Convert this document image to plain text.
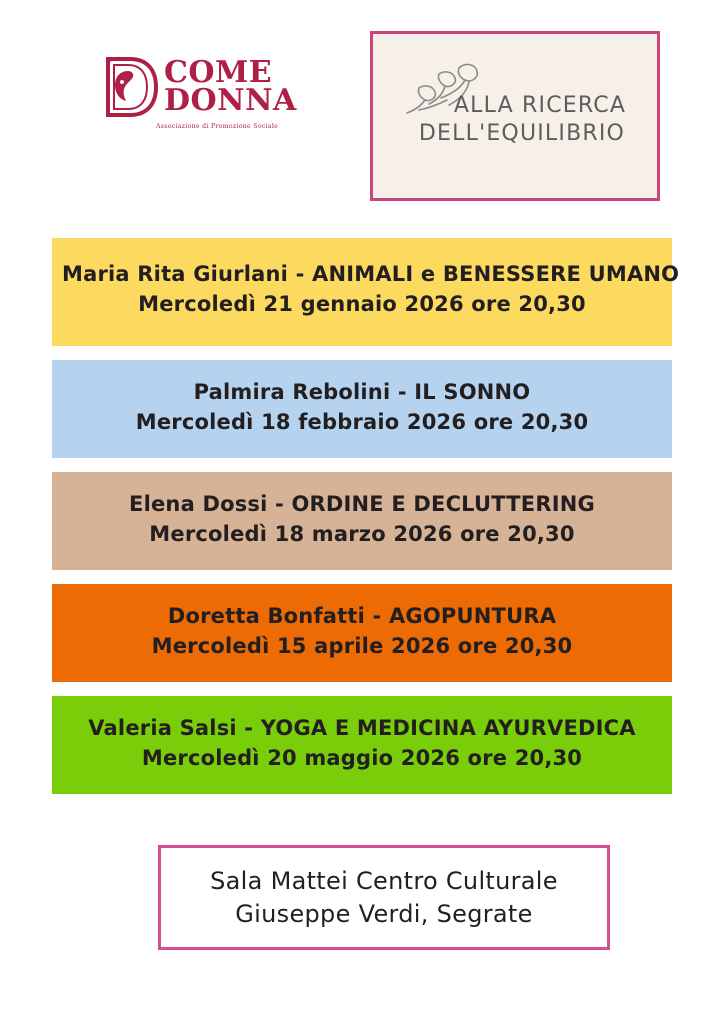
COME
DONNA
Associazione di Promozione Sociale
ALLA RICERCA
DELL'EQUILIBRIO
Maria Rita Giurlani - ANIMALI e BENESSERE UMANO
Mercoledì 21 gennaio 2026 ore 20,30
Palmira Rebolini - IL SONNO
Mercoledì 18 febbraio 2026 ore 20,30
Elena Dossi - ORDINE E DECLUTTERING
Mercoledì 18 marzo 2026 ore 20,30
Doretta Bonfatti - AGOPUNTURA
Mercoledì 15 aprile 2026 ore 20,30
Valeria Salsi - YOGA E MEDICINA AYURVEDICA
Mercoledì 20 maggio 2026 ore 20,30
Sala Mattei Centro Culturale
Giuseppe Verdi, Segrate
